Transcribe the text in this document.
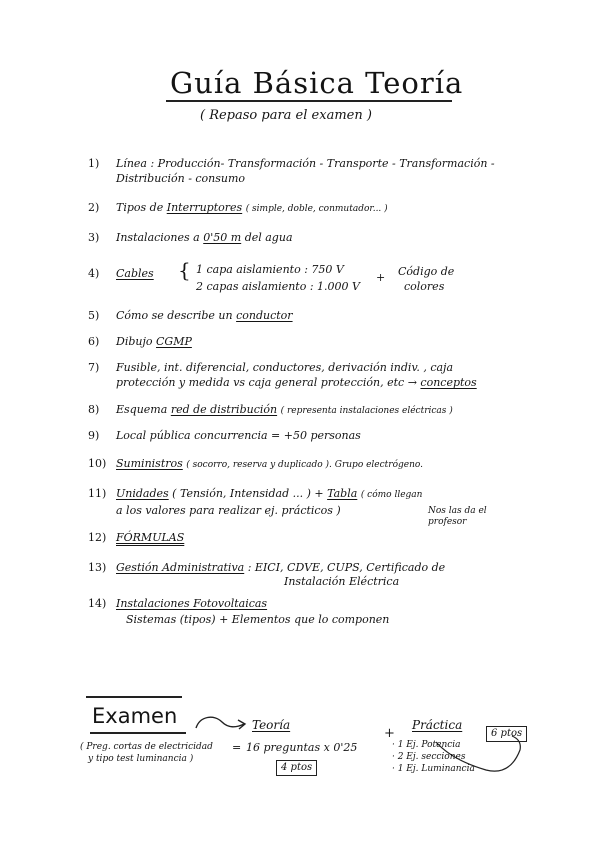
Guía Básica Teoría
( Repaso para el examen )
1) Línea : Producción- Transformación - Transporte - Transformación -
Distribución - consumo
2) Tipos de Interruptores ( simple, doble, conmutador... )
3) Instalaciones a 0'50 m del agua
4) Cables { 1 capa aislamiento : 750 V
2 capas aislamiento : 1.000 V
+ Código de
colores
5) Cómo se describe un conductor
6) Dibujo CGMP
7) Fusible, int. diferencial, conductores, derivación indiv. , caja
protección y medida vs caja general protección, etc → conceptos
8) Esquema red de distribución ( representa instalaciones eléctricas )
9) Local pública concurrencia = +50 personas
10) Suministros ( socorro, reserva y duplicado ). Grupo electrógeno.
11) Unidades ( Tensión, Intensidad ... ) + Tabla ( cómo llegan
a los valores para realizar ej. prácticos )	Nos las da el profesor
12) FÓRMULAS
13) Gestión Administrativa : EICI, CDVE, CUPS, Certificado de
Instalación Eléctrica
14) Instalaciones Fotovoltaicas
Sistemas (tipos) + Elementos que lo componen
Examen
( Preg. cortas de electricidad
y tipo test luminancia )
Teoría
= 16 preguntas x 0'25
4 ptos
+
Práctica
6 ptos
· 1 Ej. Potencia
· 2 Ej. secciones
· 1 Ej. Luminancia
